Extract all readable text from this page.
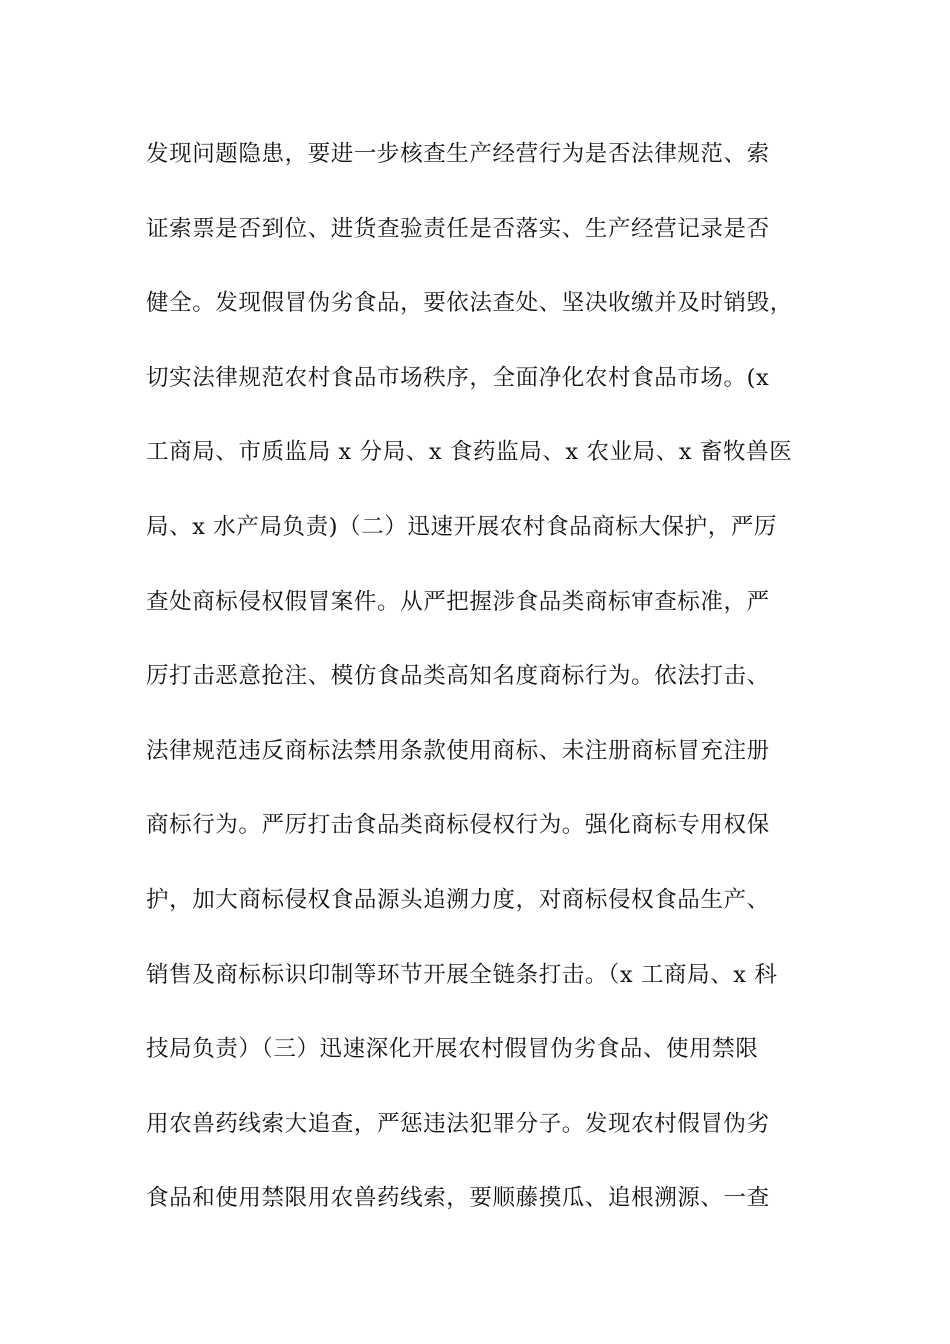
发现问题隐患，要进一步核查生产经营行为是否法律规范、索
证索票是否到位、进货查验责任是否落实、生产经营记录是否
健全。发现假冒伪劣食品，要依法查处、坚决收缴并及时销毁，
切实法律规范农村食品市场秩序，全面净化农村食品市场。(x
工商局、市质监局 x 分局、x 食药监局、x 农业局、x 畜牧兽医
局、x 水产局负责)（二）迅速开展农村食品商标大保护，严厉
查处商标侵权假冒案件。从严把握涉食品类商标审查标准，严
厉打击恶意抢注、模仿食品类高知名度商标行为。依法打击、
法律规范违反商标法禁用条款使用商标、未注册商标冒充注册
商标行为。严厉打击食品类商标侵权行为。强化商标专用权保
护，加大商标侵权食品源头追溯力度，对商标侵权食品生产、
销售及商标标识印制等环节开展全链条打击。（x 工商局、x 科
技局负责）（三）迅速深化开展农村假冒伪劣食品、使用禁限
用农兽药线索大追查，严惩违法犯罪分子。发现农村假冒伪劣
食品和使用禁限用农兽药线索，要顺藤摸瓜、追根溯源、一查
